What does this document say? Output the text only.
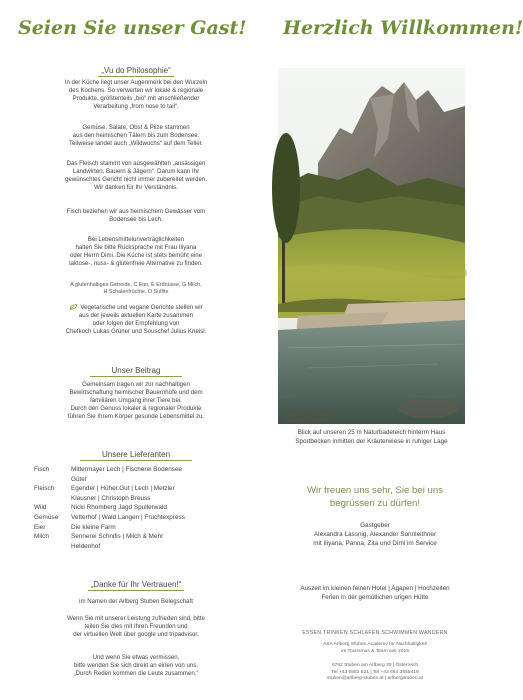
Seien Sie unser Gast! Herzlich Willkommen!
„Vu do Philosophie“
In der Küche liegt unser Augenmerk bei den Wurzeln
des Kochens. So verwerten wir lokale & regionale
Produkte, größtenteils „bio“ mit anschließender
Verarbeitung „from nose to tail“.
Gemüse, Salate, Obst & Pilze stammen
aus den heimischen Tälern bis zum Bodensee.
Teilweise landet auch „Wildwuchs“ auf dem Teller.
Das Fleisch stammt von ausgewählten „ansässigen
Landwirten, Bauern & Jägern“. Darum kann Ihr
gewünschtes Gericht nicht immer zubereitet werden.
Wir danken für Ihr Verständnis.
Fisch beziehen wir aus heimischem Gewässer vom
Bodensee bis Lech.
Bei Lebensmittelunverträglichkeiten
halten Sie bitte Rücksprache mit Frau Iliyana
oder Herrn Dimi. Die Küche ist stets bemüht eine
laktose-, nuss- & glutenfreie Alternative zu finden.
A glutenhaltiges Getreide, C Eier, E Erdnüsse, G Milch,
H Schalenfrüchte, O Sulfite
Vegetarische und vegane Gerichte stellen wir
aus der jeweils aktuellen Karte zusammen
oder folgen der Empfehlung von
Chefkoch Lukas Grüner und Souschef Julius Kneisl.
Unser Beitrag
Gemeinsam tragen wir zur nachhaltigen
Bewirtschaftung heimischer Bauernhöfe und dem
familiären Umgang ihrer Tiere bei.
Durch den Genuss lokaler & regionaler Produkte
führen Sie Ihrem Körper gesunde Lebensmittel zu.
Unsere Lieferanten
Fisch	Mittermayer Lech | Fischerei Bodensee
Gütel
Fleisch	Egender | Hüher.Gut | Lech | Metzler
Klausner | Christoph Breuss
Wild	Nicki Rhomberg Jagd Spullerwald
Gemüse	Vetterhof | Wald Langen | Fruchtexpress
Eier	Die kleine Farm
Milch	Sennerei Schnifis | Milch & Mehr
Heldenhof
„Danke für Ihr Vertrauen!“
im Namen der Arlberg Stuben Belegschaft
Wenn Sie mit unserer Leistung zufrieden sind, bitte
teilen Sie dies mit Ihren Freunden und
der virtuellen Welt über google und tripadvisor.
Und wenn Sie etwas vermissen,
bitte wenden Sie sich direkt an einen von uns.
„Durch Reden kommen die Leute zusammen.“
Blick auf unseren 25 m Naturbadeteich hinterm Haus
Sportbecken inmitten der Kräuterwiese in ruhiger Lage
Wir freuen uns sehr, Sie bei uns
begrüssen zu dürfen!
Gastgeber
Alexandra Lassnig, Alexander Sonnleithner
mit Iliyana, Panna, Zita und Dimi im Service
Auszeit im kleinen feinen Hotel | Agapen | Hochzeiten
Ferien in der gemütlichen urigen Hütte
ESSEN TRINKEN SCHLAFEN SCHWIMMEN WANDERN
ASA Arlberg Stuben Academy für Nachhaltigkeit
im Tourismus & Team seit 2019
6762 Stuben am Arlberg 30 | Österreich
Tel +43 5582 521 | Tel +43 664 3855416
stuben@arlberg-stuben.at | arlbergstuben.at
